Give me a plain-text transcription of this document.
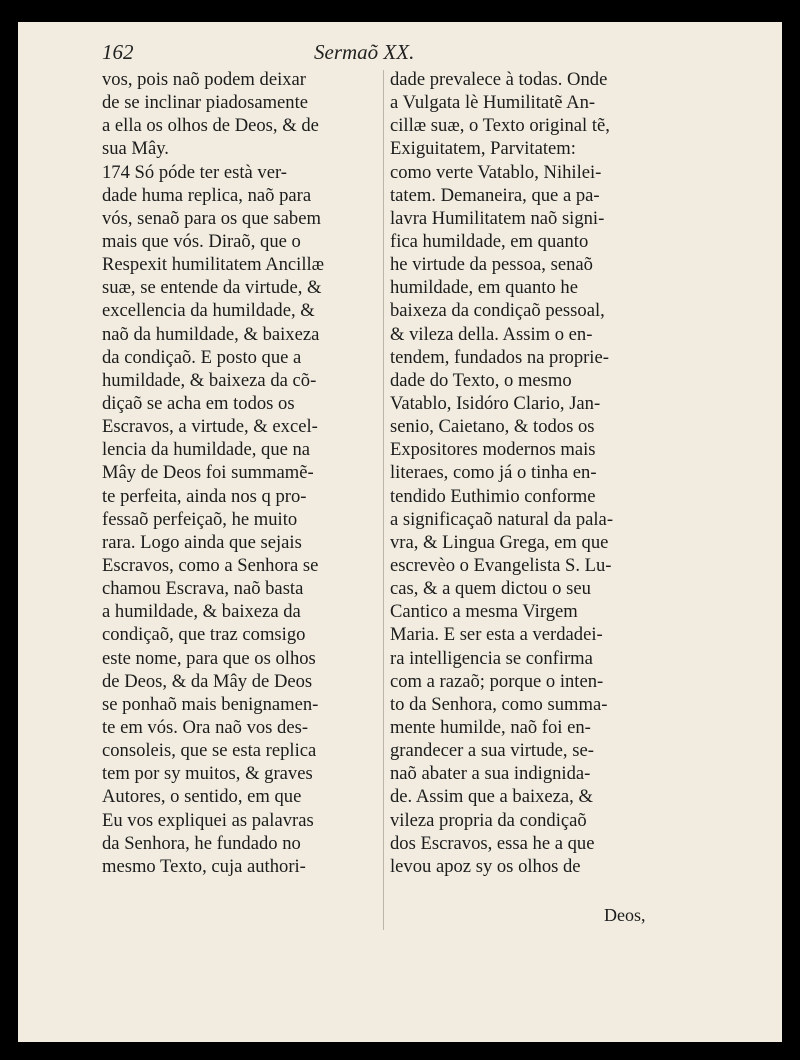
162	Sermaõ XX.
vos, pois naõ podem deixar
de se inclinar piadosamente
a ella os olhos de Deos, & de
sua Mây.
174 Só póde ter està ver-
dade huma replica, naõ para
vós, senaõ para os que sabem
mais que vós. Diraõ, que o
Respexit humilitatem Ancillæ
suæ, se entende da virtude, &
excellencia da humildade, &
naõ da humildade, & baixeza
da condiçaõ. E posto que a
humildade, & baixeza da cõ-
diçaõ se acha em todos os
Escravos, a virtude, & excel-
lencia da humildade, que na
Mây de Deos foi summamẽ-
te perfeita, ainda nos q pro-
fessaõ perfeiçaõ, he muito
rara. Logo ainda que sejais
Escravos, como a Senhora se
chamou Escrava, naõ basta
a humildade, & baixeza da
condiçaõ, que traz comsigo
este nome, para que os olhos
de Deos, & da Mây de Deos
se ponhaõ mais benignamen-
te em vós. Ora naõ vos des-
consoleis, que se esta replica
tem por sy muitos, & graves
Autores, o sentido, em que
Eu vos expliquei as palavras
da Senhora, he fundado no
mesmo Texto, cuja authori-
dade prevalece à todas. Onde
a Vulgata lè Humilitatẽ An-
cillæ suæ, o Texto original tẽ,
Exiguitatem, Parvitatem:
como verte Vatablo, Nihilei-
tatem. Demaneira, que a pa-
lavra Humilitatem naõ signi-
fica humildade, em quanto
he virtude da pessoa, senaõ
humildade, em quanto he
baixeza da condiçaõ pessoal,
& vileza della. Assim o en-
tendem, fundados na proprie-
dade do Texto, o mesmo
Vatablo, Isidóro Clario, Jan-
senio, Caietano, & todos os
Expositores modernos mais
literaes, como já o tinha en-
tendido Euthimio conforme
a significaçaõ natural da pala-
vra, & Lingua Grega, em que
escrevèo o Evangelista S. Lu-
cas, & a quem dictou o seu
Cantico a mesma Virgem
Maria. E ser esta a verdadei-
ra intelligencia se confirma
com a razaõ; porque o inten-
to da Senhora, como summa-
mente humilde, naõ foi en-
grandecer a sua virtude, se-
naõ abater a sua indignida-
de. Assim que a baixeza, &
vileza propria da condiçaõ
dos Escravos, essa he a que
levou apoz sy os olhos de
Deos,
